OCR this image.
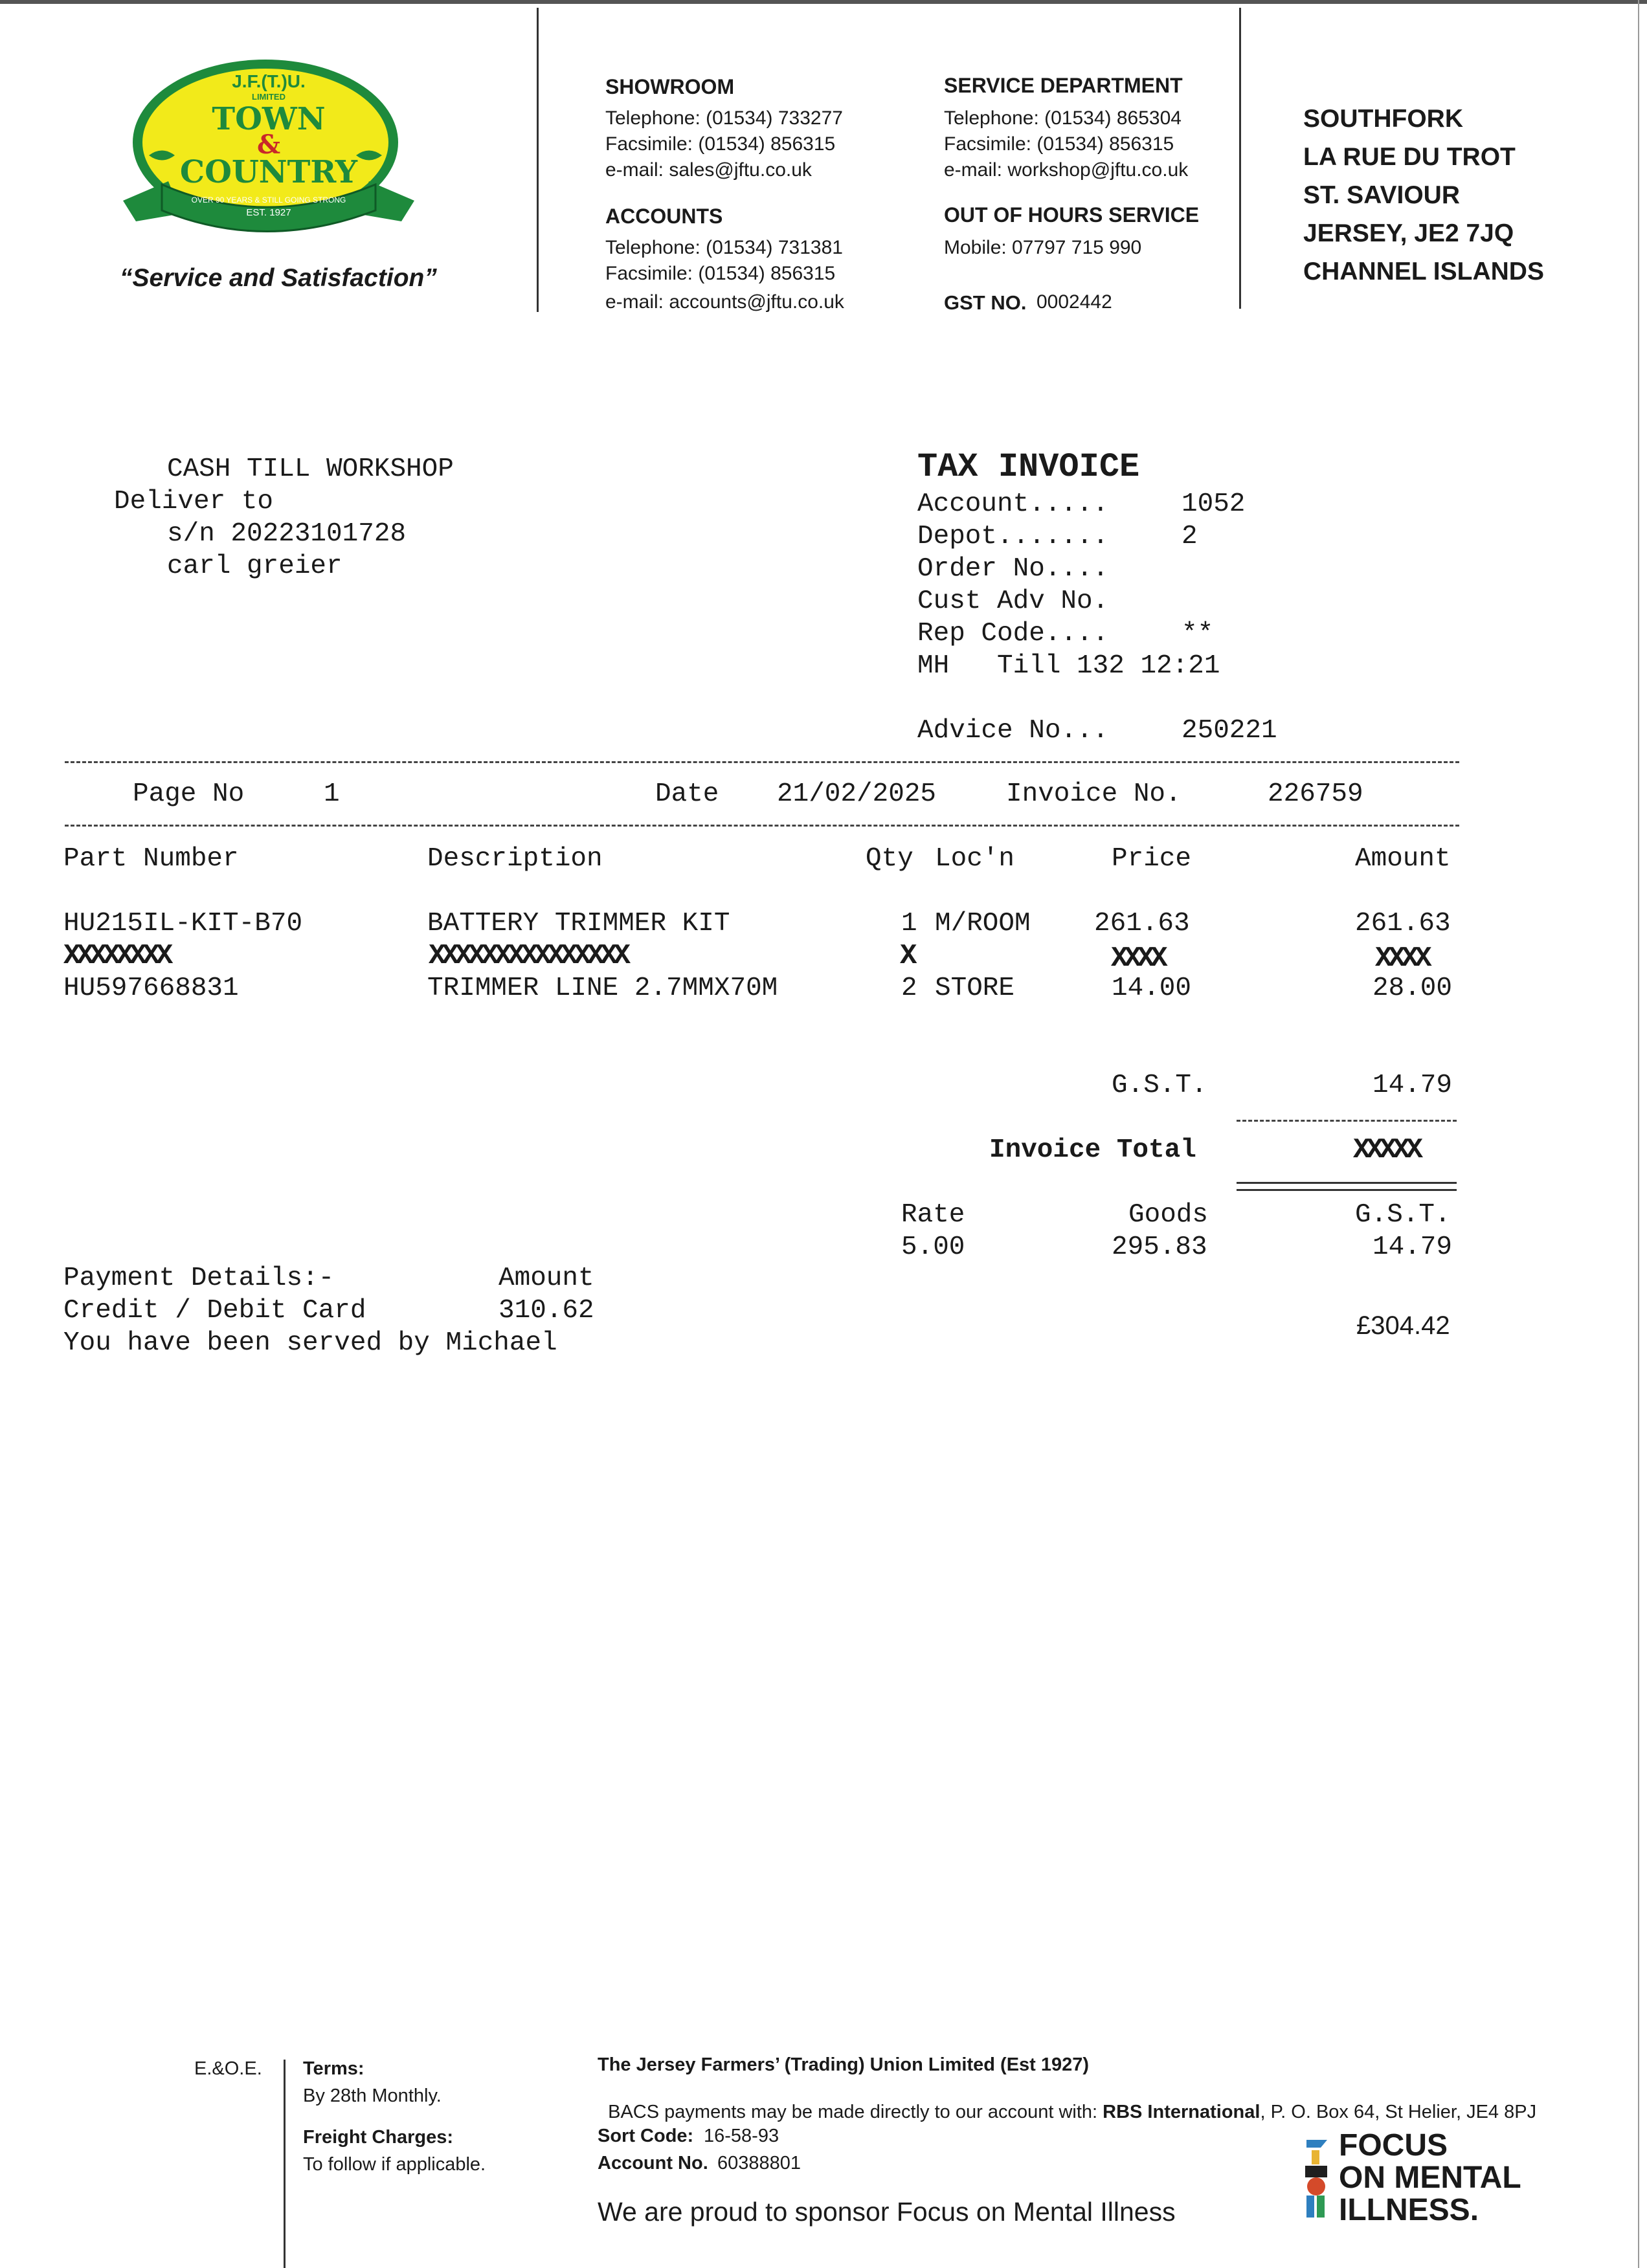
J.F.(T.)U.
LIMITED
TOWN
&
COUNTRY
OVER 90 YEARS & STILL GOING STRONG
EST. 1927
“Service and Satisfaction”
SHOWROOM
Telephone: (01534) 733277
Facsimile: (01534) 856315
e-mail: sales@jftu.co.uk
ACCOUNTS
Telephone: (01534) 731381
Facsimile: (01534) 856315
e-mail: accounts@jftu.co.uk
SERVICE DEPARTMENT
Telephone: (01534) 865304
Facsimile: (01534) 856315
e-mail: workshop@jftu.co.uk
OUT OF HOURS SERVICE
Mobile: 07797 715 990
GST NO. 0002442
SOUTHFORK
LA RUE DU TROT
ST. SAVIOUR
JERSEY, JE2 7JQ
CHANNEL ISLANDS
CASH TILL WORKSHOP
Deliver to
s/n 20223101728
carl greier
TAX INVOICE
Account.....	1052
Depot.......	2
Order No....
Cust Adv No.
Rep Code....	**
MH   Till 132 12:21
Advice No...	250221
Page No	1	Date 21/02/2025	Invoice No.	226759
Part Number	Description	Qty Loc'n	Price	Amount
HU215IL-KIT-B70	BATTERY TRIMMER KIT	1 M/ROOM 261.63	261.63
XXXXXXXX	XXXXXXXXXXXXXXX	X	XXXX	XXXX
HU597668831	TRIMMER LINE 2.7MMX70M	2 STORE	14.00	28.00
G.S.T.	14.79
Invoice Total	XXXXX
Rate	Goods	G.S.T.
5.00	295.83	14.79
£304.42
Payment Details:-	Amount
Credit / Debit Card	310.62
You have been served by Michael
E.&O.E. Terms:
By 28th Monthly.
Freight Charges:
To follow if applicable.
The Jersey Farmers’ (Trading) Union Limited (Est 1927)

BACS payments may be made directly to our account with: RBS International, P. O. Box 64, St Helier, JE4 8PJ

Sort Code: 16-58-93
Account No. 60388801
We are proud to sponsor Focus on Mental Illness
FOCUS
ON MENTAL
ILLNESS.
